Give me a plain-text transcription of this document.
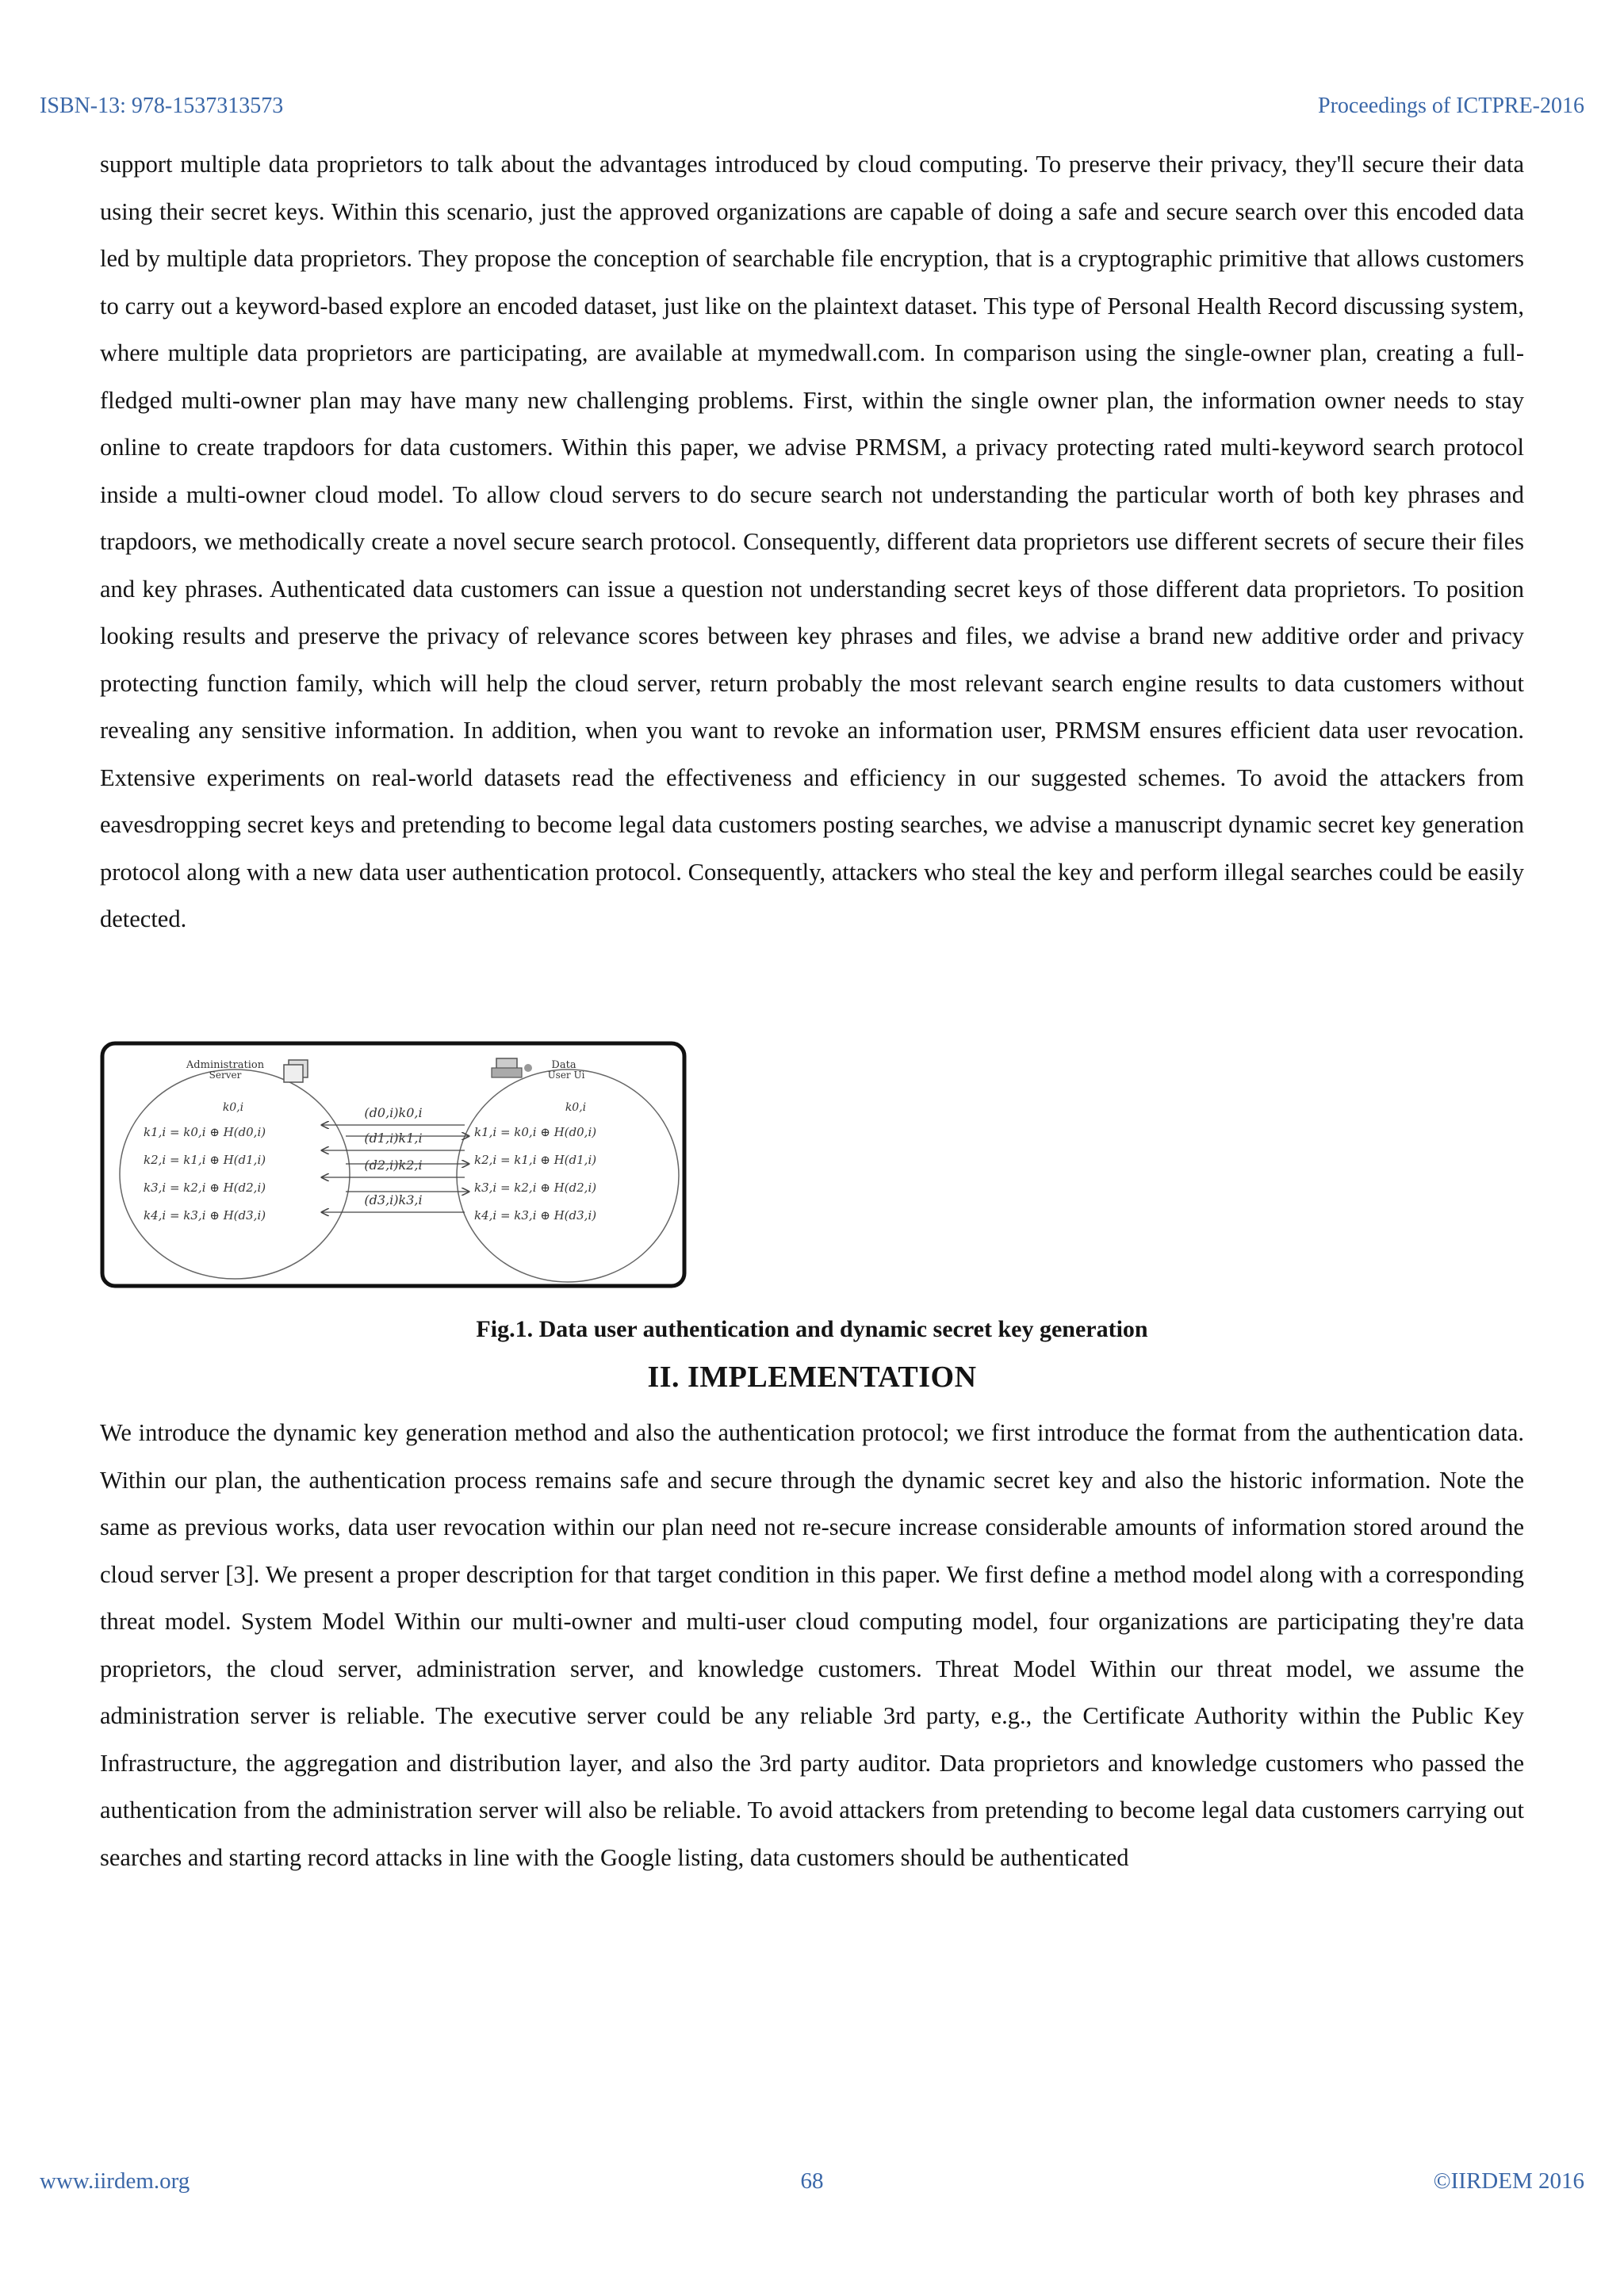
ISBN-13: 978-1537313573	Proceedings of ICTPRE-2016

support multiple data proprietors to talk about the advantages introduced by cloud computing. To preserve their privacy, they'll secure their data using their secret keys. Within this scenario, just the approved organizations are capable of doing a safe and secure search over this encoded data led by multiple data proprietors. They propose the conception of searchable file encryption, that is a cryptographic primitive that allows customers to carry out a keyword-based explore an encoded dataset, just like on the plaintext dataset. This type of Personal Health Record discussing system, where multiple data proprietors are participating, are available at mymedwall.com. In comparison using the single-owner plan, creating a full-fledged multi-owner plan may have many new challenging problems. First, within the single owner plan, the information owner needs to stay online to create trapdoors for data customers. Within this paper, we advise PRMSM, a privacy protecting rated multi-keyword search protocol inside a multi-owner cloud model. To allow cloud servers to do secure search not understanding the particular worth of both key phrases and trapdoors, we methodically create a novel secure search protocol. Consequently, different data proprietors use different secrets of secure their files and key phrases. Authenticated data customers can issue a question not understanding secret keys of those different data proprietors. To position looking results and preserve the privacy of relevance scores between key phrases and files, we advise a brand new additive order and privacy protecting function family, which will help the cloud server, return probably the most relevant search engine results to data customers without revealing any sensitive information. In addition, when you want to revoke an information user, PRMSM ensures efficient data user revocation. Extensive experiments on real-world datasets read the effectiveness and efficiency in our suggested schemes. To avoid the attackers from eavesdropping secret keys and pretending to become legal data customers posting searches, we advise a manuscript dynamic secret key generation protocol along with a new data user authentication protocol. Consequently, attackers who steal the key and perform illegal searches could be easily detected.

Administration
Server
Data
User Ui
k0,i	k0,i
k1,i = k0,i ⊕ H(d0,i)
k2,i = k1,i ⊕ H(d1,i)
k3,i = k2,i ⊕ H(d2,i)
k4,i = k3,i ⊕ H(d3,i)
k1,i = k0,i ⊕ H(d0,i)
k2,i = k1,i ⊕ H(d1,i)
k3,i = k2,i ⊕ H(d2,i)
k4,i = k3,i ⊕ H(d3,i)
(d0,i)k0,i
(d1,i)k1,i
(d2,i)k2,i
(d3,i)k3,i
Fig.1. Data user authentication and dynamic secret key generation
II. IMPLEMENTATION

We introduce the dynamic key generation method and also the authentication protocol; we first introduce the format from the authentication data. Within our plan, the authentication process remains safe and secure through the dynamic secret key and also the historic information. Note the same as previous works, data user revocation within our plan need not re-secure increase considerable amounts of information stored around the cloud server [3]. We present a proper description for that target condition in this paper. We first define a method model along with a corresponding threat model. System Model Within our multi-owner and multi-user cloud computing model, four organizations are participating they're data proprietors, the cloud server, administration server, and knowledge customers. Threat Model Within our threat model, we assume the administration server is reliable. The executive server could be any reliable 3rd party, e.g., the Certificate Authority within the Public Key Infrastructure, the aggregation and distribution layer, and also the 3rd party auditor. Data proprietors and knowledge customers who passed the authentication from the administration server will also be reliable. To avoid attackers from pretending to become legal data customers carrying out searches and starting record attacks in line with the Google listing, data customers should be authenticated

www.iirdem.org	68	©IIRDEM 2016
